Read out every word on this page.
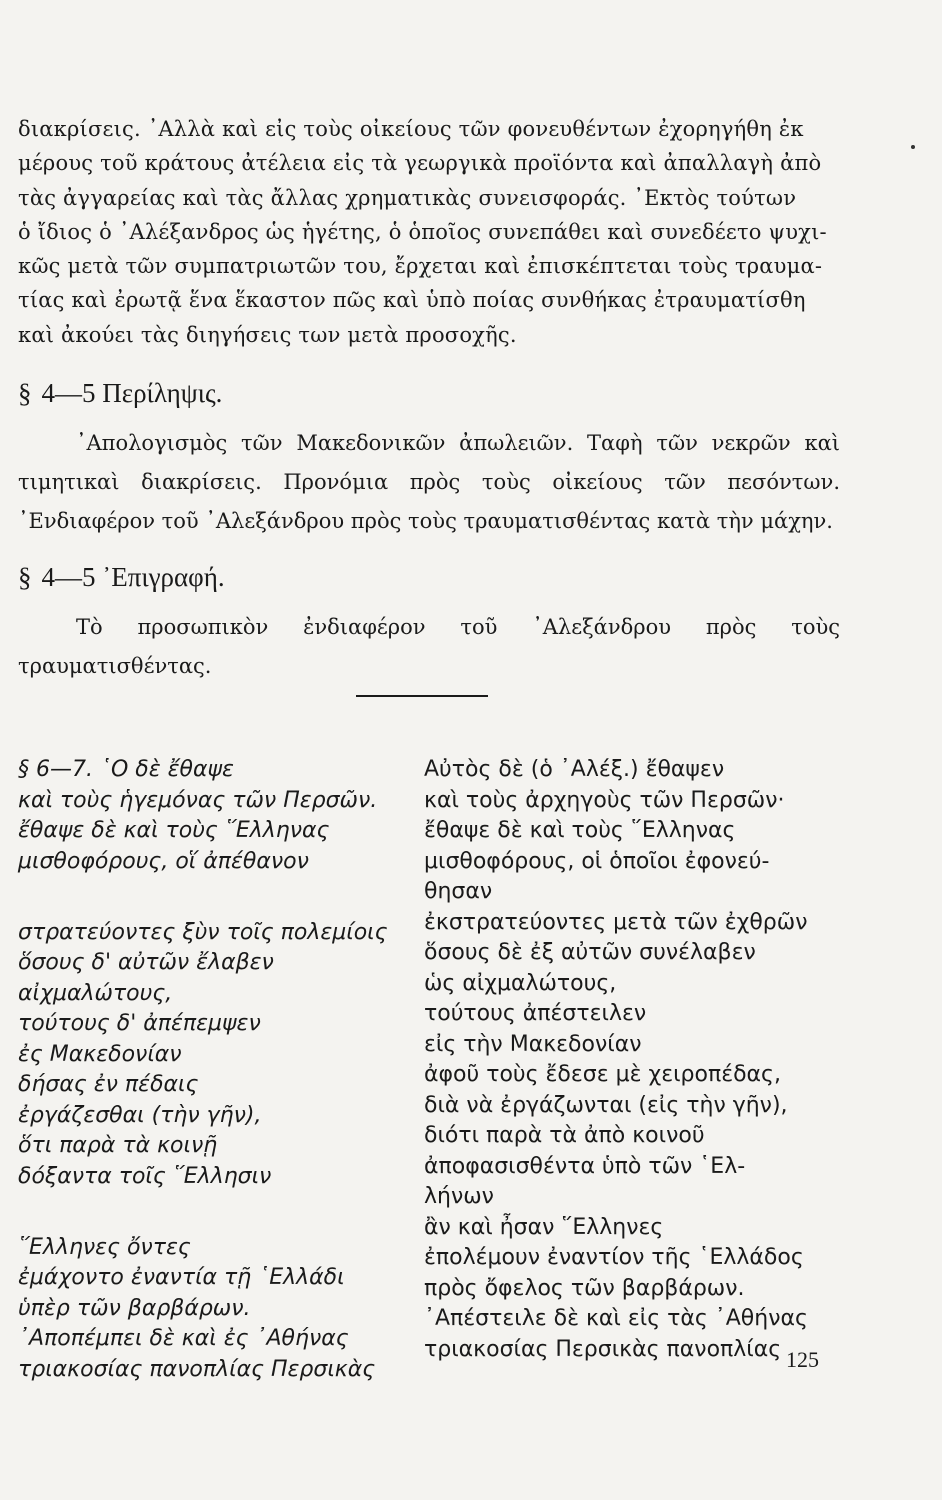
διακρίσεις. ᾿Αλλὰ καὶ εἰς τοὺς οἰκείους τῶν φονευθέντων ἐχορηγήθη ἐκ

μέρους τοῦ κράτους ἀτέλεια εἰς τὰ γεωργικὰ προϊόντα καὶ ἀπαλλαγὴ ἀπὸ

τὰς ἀγγαρείας καὶ τὰς ἄλλας χρηματικὰς συνεισφοράς. ᾿Εκτὸς τούτων

ὁ ἴδιος ὁ ᾿Αλέξανδρος ὡς ἡγέτης, ὁ ὁποῖος συνεπάθει καὶ συνεδέετο ψυχι-

κῶς μετὰ τῶν συμπατριωτῶν του, ἔρχεται καὶ ἐπισκέπτεται τοὺς τραυμα-

τίας καὶ ἐρωτᾷ ἕνα ἕκαστον πῶς καὶ ὑπὸ ποίας συνθήκας ἐτραυματίσθη

καὶ ἀκούει τὰς διηγήσεις των μετὰ προσοχῆς.

§ 4—5 Περίληψις.

᾿Απολογισμὸς τῶν Μακεδονικῶν ἀπωλειῶν. Ταφὴ τῶν νεκρῶν καὶ τιμητικαὶ διακρίσεις. Προνόμια πρὸς τοὺς οἰκείους τῶν πεσόντων. ᾿Ενδιαφέρον τοῦ ᾿Αλεξάνδρου πρὸς τοὺς τραυματισθέντας κατὰ τὴν μάχην.

§ 4—5 ᾿Επιγραφή.

Τὸ προσωπικὸν ἐνδιαφέρον τοῦ ᾿Αλεξάνδρου πρὸς τοὺς τραυματισθέντας.

§ 6—7. ῾Ο δὲ ἔθαψε
καὶ τοὺς ἡγεμόνας τῶν Περσῶν.
ἔθαψε δὲ καὶ τοὺς ῞Ελληνας
μισθοφόρους, οἵ ἀπέθανον
στρατεύοντες ξὺν τοῖς πολεμίοις
ὅσους δ' αὐτῶν ἔλαβεν
αἰχμαλώτους,
τούτους δ' ἀπέπεμψεν
ἐς Μακεδονίαν
δήσας ἐν πέδαις
ἐργάζεσθαι (τὴν γῆν),
ὅτι παρὰ τὰ κοινῇ
δόξαντα τοῖς ῞Ελλησιν
῞Ελληνες ὄντες
ἐμάχοντο ἐναντία τῇ ῾Ελλάδι
ὑπὲρ τῶν βαρβάρων.
᾿Αποπέμπει δὲ καὶ ἐς ᾿Αθήνας
τριακοσίας πανοπλίας Περσικὰς
Αὐτὸς δὲ (ὁ ᾿Αλέξ.) ἔθαψεν
καὶ τοὺς ἀρχηγοὺς τῶν Περσῶν·
ἔθαψε δὲ καὶ τοὺς ῞Ελληνας
μισθοφόρους, οἱ ὁποῖοι ἐφονεύ-
θησαν
ἐκστρατεύοντες μετὰ τῶν ἐχθρῶν
ὅσους δὲ ἐξ αὐτῶν συνέλαβεν
ὡς αἰχμαλώτους,
τούτους ἀπέστειλεν
εἰς τὴν Μακεδονίαν
ἀφοῦ τοὺς ἔδεσε μὲ χειροπέδας,
διὰ νὰ ἐργάζωνται (εἰς τὴν γῆν),
διότι παρὰ τὰ ἀπὸ κοινοῦ
ἀποφασισθέντα ὑπὸ τῶν ῾Ελ-
λήνων
ἂν καὶ ἦσαν ῞Ελληνες
ἐπολέμουν ἐναντίον τῆς ῾Ελλάδος
πρὸς ὄφελος τῶν βαρβάρων.
᾿Απέστειλε δὲ καὶ εἰς τὰς ᾿Αθήνας
τριακοσίας Περσικὰς πανοπλίας 125
